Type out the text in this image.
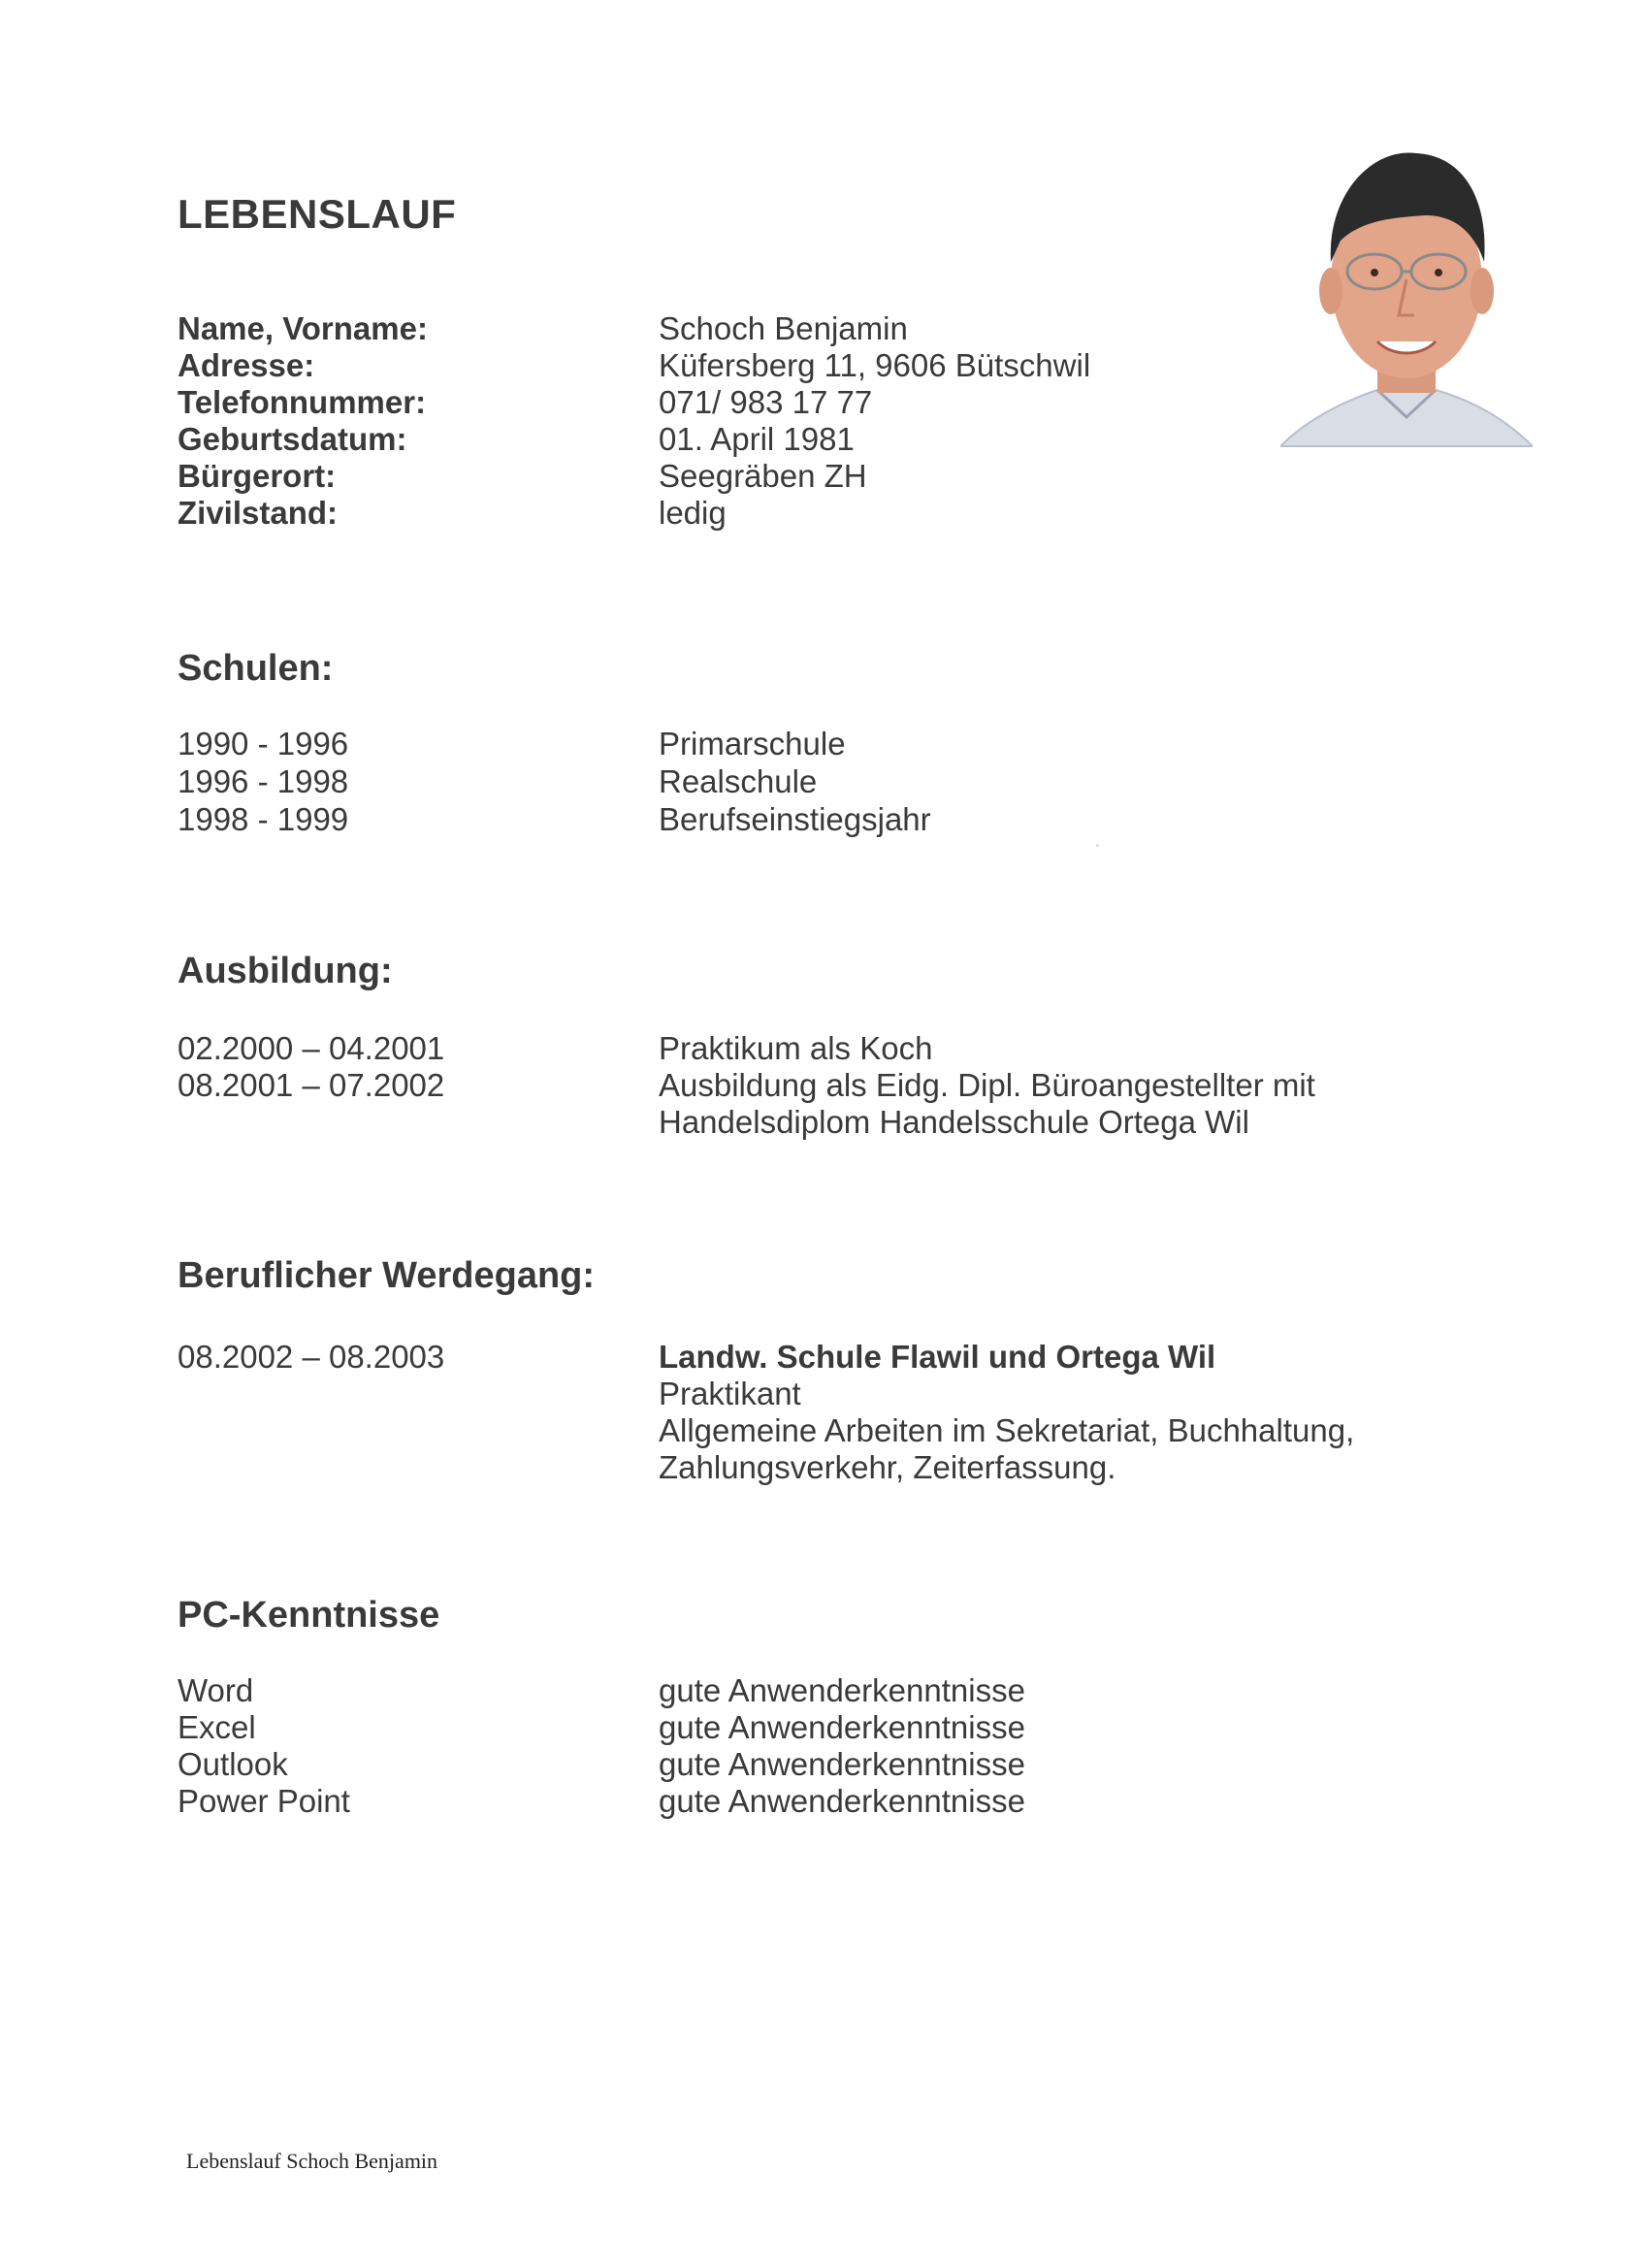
LEBENSLAUF
Name, Vorname:	Schoch Benjamin
Adresse:	Küfersberg 11, 9606 Bütschwil
Telefonnummer:	071/ 983 17 77
Geburtsdatum:	01. April 1981
Bürgerort:	Seegräben ZH
Zivilstand:	ledig
Schulen:
1990 - 1996	Primarschule
1996 - 1998	Realschule
1998 - 1999	Berufseinstiegsjahr
Ausbildung:
02.2000 – 04.2001	Praktikum als Koch
08.2001 – 07.2002	Ausbildung als Eidg. Dipl. Büroangestellter mit
Handelsdiplom Handelsschule Ortega Wil
Beruflicher Werdegang:
08.2002 – 08.2003	Landw. Schule Flawil und Ortega Wil
Praktikant
Allgemeine Arbeiten im Sekretariat, Buchhaltung,
Zahlungsverkehr, Zeiterfassung.
PC-Kenntnisse
Word	gute Anwenderkenntnisse
Excel	gute Anwenderkenntnisse
Outlook	gute Anwenderkenntnisse
Power Point	gute Anwenderkenntnisse
Lebenslauf Schoch Benjamin
